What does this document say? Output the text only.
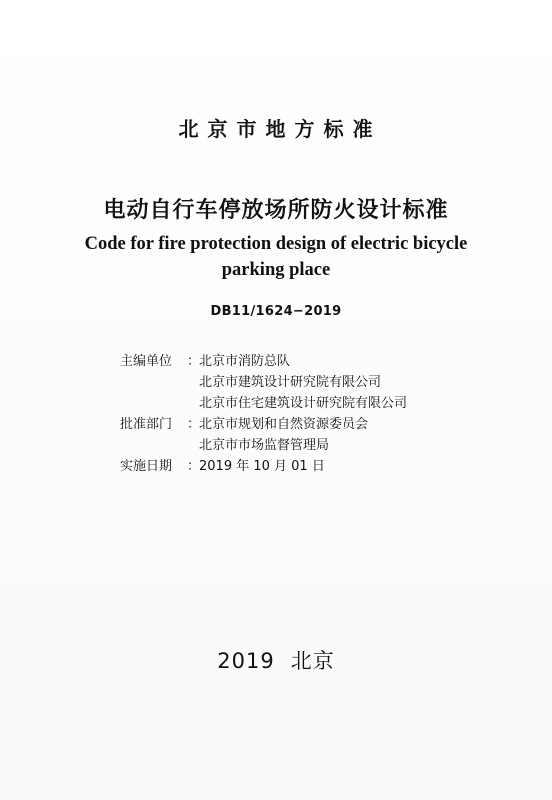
北京市地方标准
电动自行车停放场所防火设计标准
Code for fire protection design of electric bicycle
parking place
DB11/1624−2019
主编单位	：
北京市消防总队
北京市建筑设计研究院有限公司
北京市住宅建筑设计研究院有限公司
批准部门	：
北京市规划和自然资源委员会
北京市市场监督管理局
实施日期	：
2019 年 10 月 01 日
2019 北京
